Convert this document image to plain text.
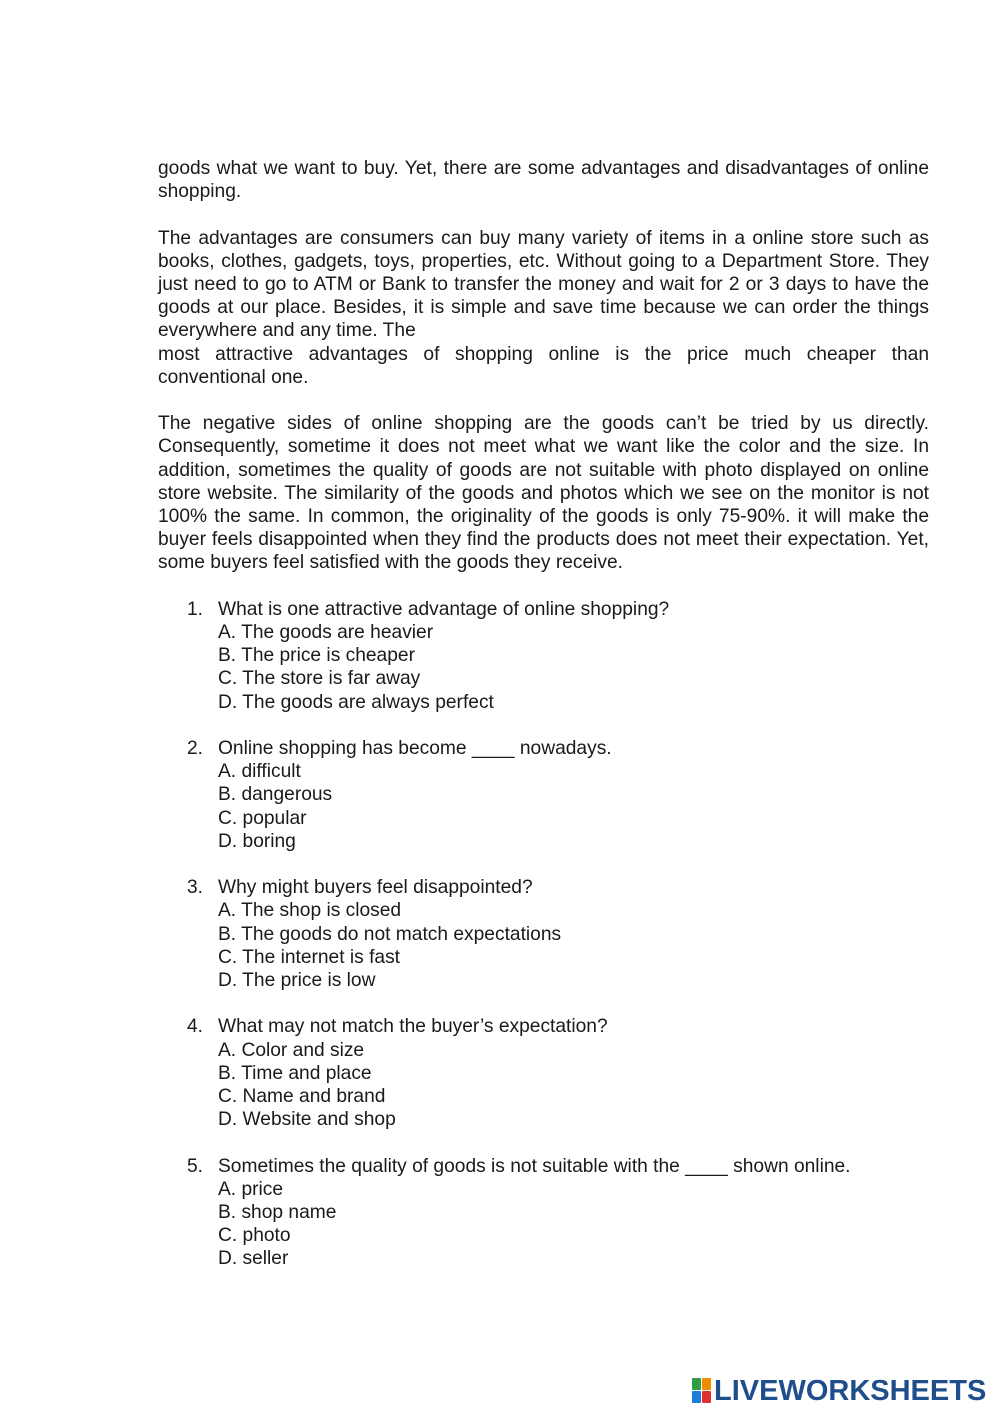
goods what we want to buy. Yet, there are some advantages and disadvantages of online shopping.
The advantages are consumers can buy many variety of items in a online store such as books, clothes, gadgets, toys, properties, etc. Without going to a Department Store. They just need to go to ATM or Bank to transfer the money and wait for 2 or 3 days to have the goods at our place. Besides, it is simple and save time because we can order the things everywhere and any time. The
most attractive advantages of shopping online is the price much cheaper than conventional one.
The negative sides of online shopping are the goods can’t be tried by us directly. Consequently, sometime it does not meet what we want like the color and the size. In addition, sometimes the quality of goods are not suitable with photo displayed on online store website. The similarity of the goods and photos which we see on the monitor is not 100% the same. In common, the originality of the goods is only 75-90%. it will make the buyer feels disappointed when they find the products does not meet their expectation. Yet, some buyers feel satisfied with the goods they receive.
1. What is one attractive advantage of online shopping?
A. The goods are heavier
B. The price is cheaper
C. The store is far away
D. The goods are always perfect
2. Online shopping has become ____ nowadays.
A. difficult
B. dangerous
C. popular
D. boring
3. Why might buyers feel disappointed?
A. The shop is closed
B. The goods do not match expectations
C. The internet is fast
D. The price is low
4. What may not match the buyer’s expectation?
A. Color and size
B. Time and place
C. Name and brand
D. Website and shop
5. Sometimes the quality of goods is not suitable with the ____ shown online.
A. price
B. shop name
C. photo
D. seller
LIVEWORKSHEETS
